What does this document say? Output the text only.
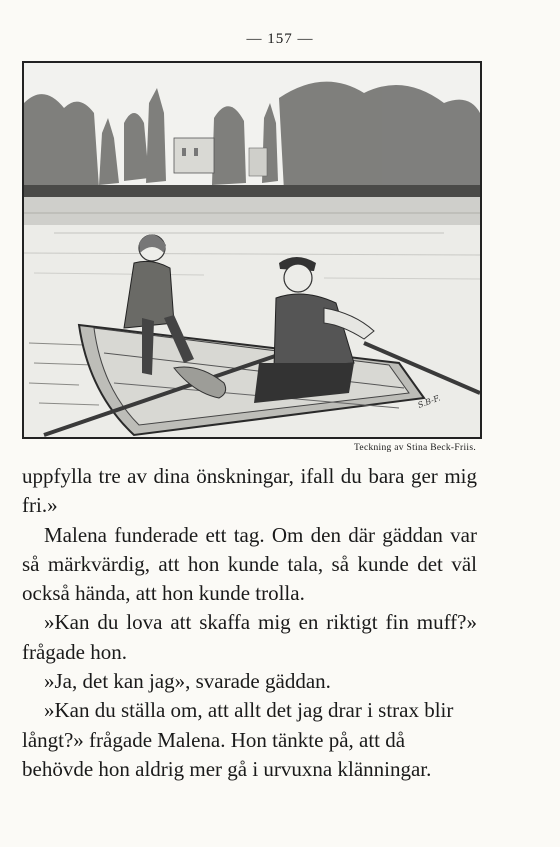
— 157 —
S.B-F.
Teckning av Stina Beck-Friis.

uppfylla tre av dina önskningar, ifall du bara ger mig fri.»

Malena funderade ett tag. Om den där gäddan var så märkvärdig, att hon kunde tala, så kunde det väl också hända, att hon kunde trolla.

»Kan du lova att skaffa mig en riktigt fin muff?» frågade hon.

»Ja, det kan jag», svarade gäddan.

»Kan du ställa om, att allt det jag drar i strax blir långt?» frågade Malena. Hon tänkte på, att då behövde hon aldrig mer gå i urvuxna klänningar.
